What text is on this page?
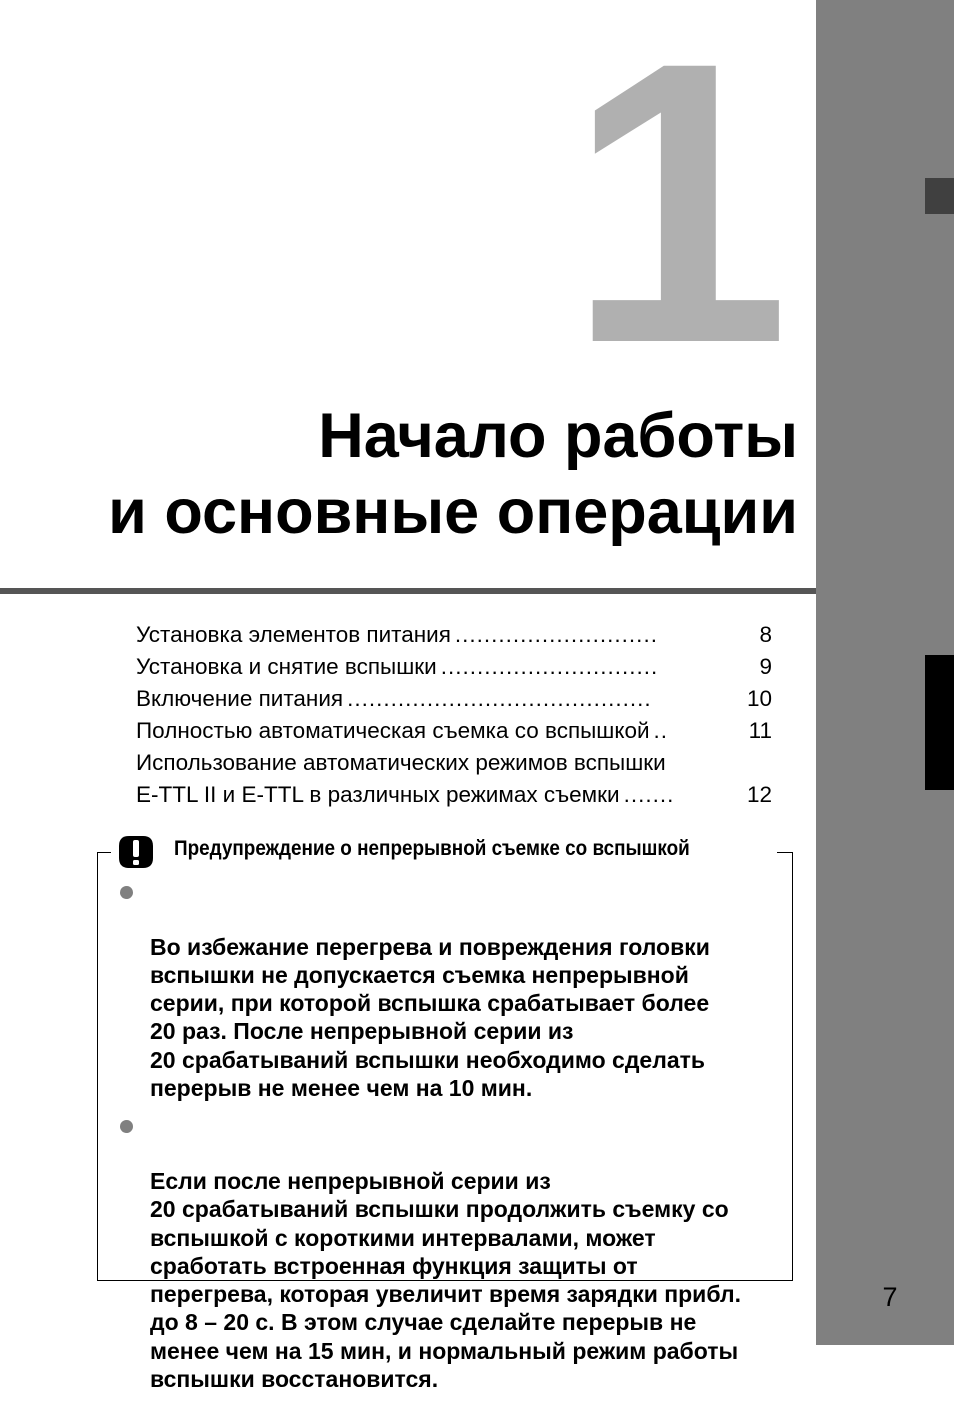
7
1
Начало работы
и основные операции
Установка элементов питания ............................	8
Установка и снятие вспышки ..............................	9
Включение питания ..........................................	10
Полностью автоматическая съемка со вспышкой ..	11
Использование автоматических режимов вспышки
E-TTL II и E-TTL в различных режимах съемки .......	12
Предупреждение о непрерывной съемке со вспышкой

Во избежание перегрева и повреждения головки
вспышки не допускается съемка непрерывной
серии, при которой вспышка срабатывает более
20 раз. После непрерывной серии из
20 срабатываний вспышки необходимо сделать
перерыв не менее чем на 10 мин.

Если после непрерывной серии из
20 срабатываний вспышки продолжить съемку со
вспышкой с короткими интервалами, может
сработать встроенная функция защиты от
перегрева, которая увеличит время зарядки прибл.
до 8 – 20 с. В этом случае сделайте перерыв не
менее чем на 15 мин, и нормальный режим работы
вспышки восстановится.
